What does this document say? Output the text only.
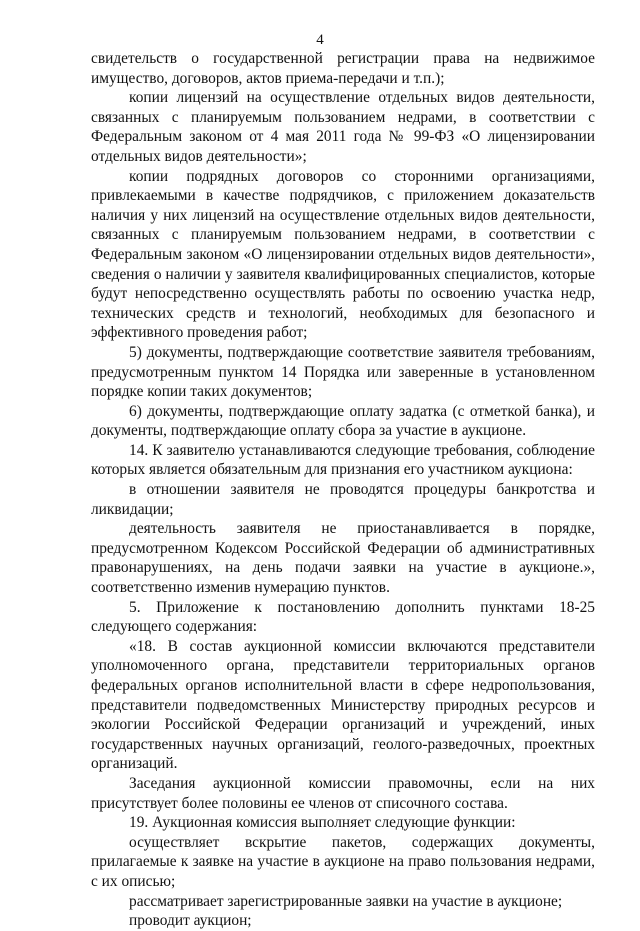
4

свидетельств о государственной регистрации права на недвижимое имущество, договоров, актов приема-передачи и т.п.);

копии лицензий на осуществление отдельных видов деятельности, связанных с планируемым пользованием недрами, в соответствии с Федеральным законом от 4 мая 2011 года № 99-ФЗ «О лицензировании отдельных видов деятельности»;

копии подрядных договоров со сторонними организациями, привлекаемыми в качестве подрядчиков, с приложением доказательств наличия у них лицензий на осуществление отдельных видов деятельности, связанных с планируемым пользованием недрами, в соответствии с Федеральным законом «О лицензировании отдельных видов деятельности», сведения о наличии у заявителя квалифицированных специалистов, которые будут непосредственно осуществлять работы по освоению участка недр, технических средств и технологий, необходимых для безопасного и эффективного проведения работ;

5) документы, подтверждающие соответствие заявителя требованиям, предусмотренным пунктом 14 Порядка или заверенные в установленном порядке копии таких документов;

6) документы, подтверждающие оплату задатка (с отметкой банка), и документы, подтверждающие оплату сбора за участие в аукционе.

14. К заявителю устанавливаются следующие требования, соблюдение которых является обязательным для признания его участником аукциона:

в отношении заявителя не проводятся процедуры банкротства и ликвидации;

деятельность заявителя не приостанавливается в порядке, предусмотренном Кодексом Российской Федерации об административных правонарушениях, на день подачи заявки на участие в аукционе.», соответственно изменив нумерацию пунктов.

5. Приложение к постановлению дополнить пунктами 18-25 следующего содержания:

«18. В состав аукционной комиссии включаются представители уполномоченного органа, представители территориальных органов федеральных органов исполнительной власти в сфере недропользования, представители подведомственных Министерству природных ресурсов и экологии Российской Федерации организаций и учреждений, иных государственных научных организаций, геолого-разведочных, проектных организаций.

Заседания аукционной комиссии правомочны, если на них присутствует более половины ее членов от списочного состава.

19. Аукционная комиссия выполняет следующие функции:

осуществляет вскрытие пакетов, содержащих документы, прилагаемые к заявке на участие в аукционе на право пользования недрами, с их описью;

рассматривает зарегистрированные заявки на участие в аукционе;

проводит аукцион;
